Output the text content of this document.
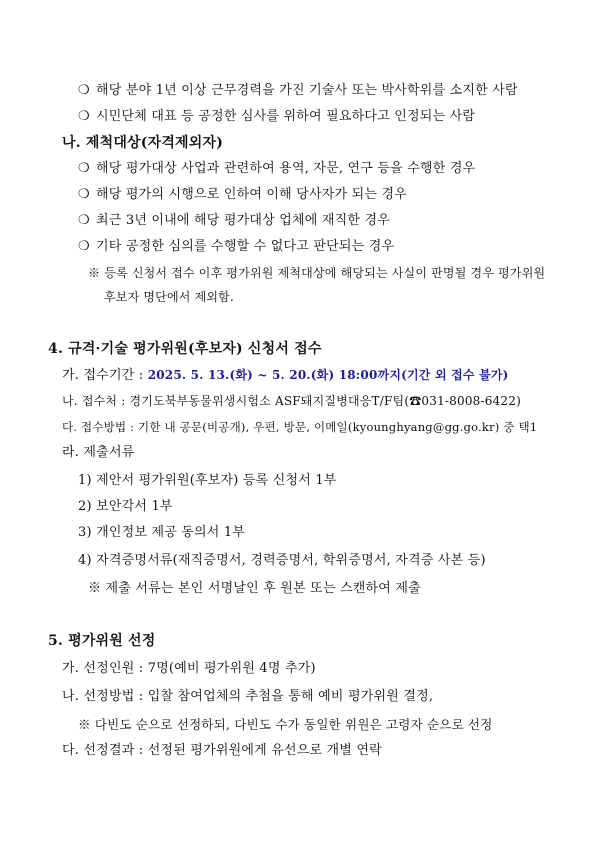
❍ 해당 분야 1년 이상 근무경력을 가진 기술사 또는 박사학위를 소지한 사람
❍ 시민단체 대표 등 공정한 심사를 위하여 필요하다고 인정되는 사람
나. 제척대상(자격제외자)
❍ 해당 평가대상 사업과 관련하여 용역, 자문, 연구 등을 수행한 경우
❍ 해당 평가의 시행으로 인하여 이해 당사자가 되는 경우
❍ 최근 3년 이내에 해당 평가대상 업체에 재직한 경우
❍ 기타 공정한 심의를 수행할 수 없다고 판단되는 경우
※ 등록 신청서 접수 이후 평가위원 제척대상에 해당되는 사실이 판명될 경우 평가위원
후보자 명단에서 제외함.
4. 규격·기술 평가위원(후보자) 신청서 접수
가. 접수기간 : 2025. 5. 13.(화) ~ 5. 20.(화) 18:00까지(기간 외 접수 불가)
나. 접수처 : 경기도북부동물위생시험소 ASF돼지질병대응T/F팀(☎031-8008-6422)
다. 접수방법 : 기한 내 공문(비공개), 우편, 방문, 이메일(kyounghyang@gg.go.kr) 중 택1
라. 제출서류
1) 제안서 평가위원(후보자) 등록 신청서 1부
2) 보안각서 1부
3) 개인정보 제공 동의서 1부
4) 자격증명서류(재직증명서, 경력증명서, 학위증명서, 자격증 사본 등)
※ 제출 서류는 본인 서명날인 후 원본 또는 스캔하여 제출
5. 평가위원 선정
가. 선정인원 : 7명(예비 평가위원 4명 추가)
나. 선정방법 : 입찰 참여업체의 추첨을 통해 예비 평가위원 결정,
※ 다빈도 순으로 선정하되, 다빈도 수가 동일한 위원은 고령자 순으로 선정
다. 선정결과 : 선정된 평가위원에게 유선으로 개별 연락
